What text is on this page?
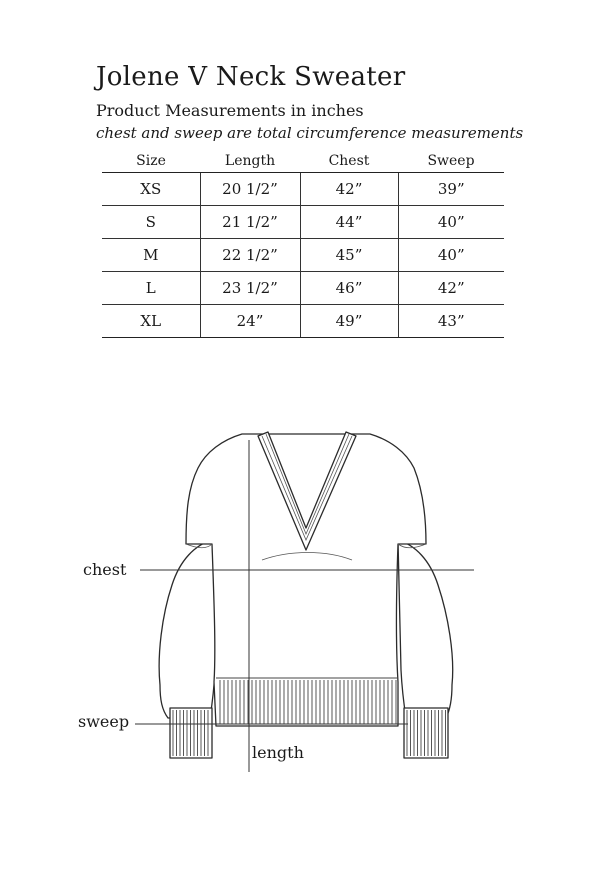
Jolene V Neck Sweater
Product Measurements in inches
chest and sweep are total circumference measurements
Size	Length	Chest	Sweep
XS	20 1/2”	42”	39”
S	21 1/2”	44”	40”
M	22 1/2”	45”	40”
L	23 1/2”	46”	42”
XL	24”	49”	43”
chest
sweep
length
